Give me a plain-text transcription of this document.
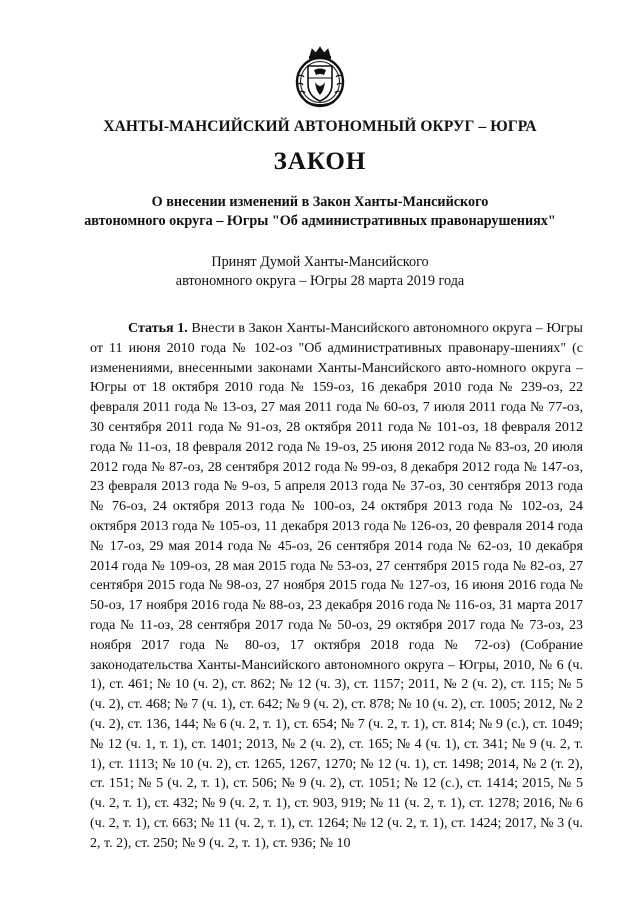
ХАНТЫ-МАНСИЙСКИЙ АВТОНОМНЫЙ ОКРУГ – ЮГРА
ЗАКОН
О внесении изменений в Закон Ханты-Мансийского
автономного округа – Югры "Об административных правонарушениях"
Принят Думой Ханты-Мансийского
автономного округа – Югры 28 марта 2019 года

Статья 1. Внести в Закон Ханты-Мансийского автономного округа – Югры от 11 июня 2010 года № 102-оз "Об административных правонару-шениях" (с изменениями, внесенными законами Ханты-Мансийского авто-номного округа – Югры от 18 октября 2010 года № 159-оз, 16 декабря 2010 года № 239-оз, 22 февраля 2011 года № 13-оз, 27 мая 2011 года № 60-оз, 7 июля 2011 года № 77-оз, 30 сентября 2011 года № 91-оз, 28 октября 2011 года № 101-оз, 18 февраля 2012 года № 11-оз, 18 февраля 2012 года № 19-оз, 25 июня 2012 года № 83-оз, 20 июля 2012 года № 87-оз, 28 сентября 2012 года № 99-оз, 8 декабря 2012 года № 147-оз, 23 февраля 2013 года № 9-оз, 5 апреля 2013 года № 37-оз, 30 сентября 2013 года № 76-оз, 24 октября 2013 года № 100-оз, 24 октября 2013 года № 102-оз, 24 октября 2013 года № 105-оз, 11 декабря 2013 года № 126-оз, 20 февраля 2014 года № 17-оз, 29 мая 2014 года № 45-оз, 26 сентября 2014 года № 62-оз, 10 декабря 2014 года № 109-оз, 28 мая 2015 года № 53-оз, 27 сентября 2015 года № 82-оз, 27 сентября 2015 года № 98-оз, 27 ноября 2015 года № 127-оз, 16 июня 2016 года № 50-оз, 17 ноября 2016 года № 88-оз, 23 декабря 2016 года № 116-оз, 31 марта 2017 года № 11-оз, 28 сентября 2017 года № 50-оз, 29 октября 2017 года № 73-оз, 23 ноября 2017 года № 80-оз, 17 октября 2018 года № 72-оз) (Собрание законодательства Ханты-Мансийского автономного округа – Югры, 2010, № 6 (ч. 1), ст. 461; № 10 (ч. 2), ст. 862; № 12 (ч. 3), ст. 1157; 2011, № 2 (ч. 2), ст. 115; № 5 (ч. 2), ст. 468; № 7 (ч. 1), ст. 642; № 9 (ч. 2), ст. 878; № 10 (ч. 2), ст. 1005; 2012, № 2 (ч. 2), ст. 136, 144; № 6 (ч. 2, т. 1), ст. 654; № 7 (ч. 2, т. 1), ст. 814; № 9 (с.), ст. 1049; № 12 (ч. 1, т. 1), ст. 1401; 2013, № 2 (ч. 2), ст. 165; № 4 (ч. 1), ст. 341; № 9 (ч. 2, т. 1), ст. 1113; № 10 (ч. 2), ст. 1265, 1267, 1270; № 12 (ч. 1), ст. 1498; 2014, № 2 (т. 2), ст. 151; № 5 (ч. 2, т. 1), ст. 506; № 9 (ч. 2), ст. 1051; № 12 (с.), ст. 1414; 2015, № 5 (ч. 2, т. 1), ст. 432; № 9 (ч. 2, т. 1), ст. 903, 919; № 11 (ч. 2, т. 1), ст. 1278; 2016, № 6 (ч. 2, т. 1), ст. 663; № 11 (ч. 2, т. 1), ст. 1264; № 12 (ч. 2, т. 1), ст. 1424; 2017, № 3 (ч. 2, т. 2), ст. 250; № 9 (ч. 2, т. 1), ст. 936; № 10
